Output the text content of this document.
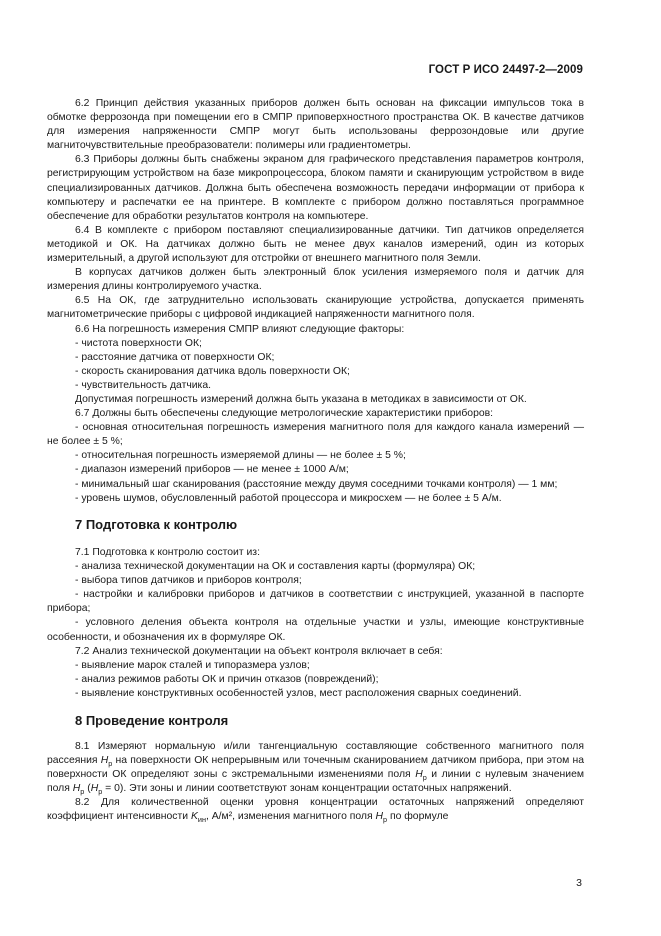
ГОСТ Р ИСО 24497-2—2009

6.2 Принцип действия указанных приборов должен быть основан на фиксации импульсов тока в обмотке феррозонда при помещении его в СМПР приповерхностного пространства ОК. В качестве датчиков для измерения напряженности СМПР могут быть использованы феррозондовые или другие магниточувствительные преобразователи: полимеры или градиентометры.

6.3 Приборы должны быть снабжены экраном для графического представления параметров контроля, регистрирующим устройством на базе микропроцессора, блоком памяти и сканирующим устройством в виде специализированных датчиков. Должна быть обеспечена возможность передачи информации от прибора к компьютеру и распечатки ее на принтере. В комплекте с прибором должно поставляться программное обеспечение для обработки результатов контроля на компьютере.

6.4 В комплекте с прибором поставляют специализированные датчики. Тип датчиков определяется методикой и ОК. На датчиках должно быть не менее двух каналов измерений, один из которых измерительный, а другой используют для отстройки от внешнего магнитного поля Земли.

В корпусах датчиков должен быть электронный блок усиления измеряемого поля и датчик для измерения длины контролируемого участка.

6.5 На ОК, где затруднительно использовать сканирующие устройства, допускается применять магнитометрические приборы с цифровой индикацией напряженности магнитного поля.

6.6 На погрешность измерения СМПР влияют следующие факторы:

- чистота поверхности ОК;

- расстояние датчика от поверхности ОК;

- скорость сканирования датчика вдоль поверхности ОК;

- чувствительность датчика.

Допустимая погрешность измерений должна быть указана в методиках в зависимости от ОК.

6.7 Должны быть обеспечены следующие метрологические характеристики приборов:

- основная относительная погрешность измерения магнитного поля для каждого канала измерений — не более ± 5 %;

- относительная погрешность измеряемой длины — не более ± 5 %;

- диапазон измерений приборов — не менее ± 1000 А/м;

- минимальный шаг сканирования (расстояние между двумя соседними точками контроля) — 1 мм;

- уровень шумов, обусловленный работой процессора и микросхем — не более ± 5 А/м.

7 Подготовка к контролю

7.1 Подготовка к контролю состоит из:

- анализа технической документации на ОК и составления карты (формуляра) ОК;

- выбора типов датчиков и приборов контроля;

- настройки и калибровки приборов и датчиков в соответствии с инструкцией, указанной в паспорте прибора;

- условного деления объекта контроля на отдельные участки и узлы, имеющие конструктивные особенности, и обозначения их в формуляре ОК.

7.2 Анализ технической документации на объект контроля включает в себя:

- выявление марок сталей и типоразмера узлов;

- анализ режимов работы ОК и причин отказов (повреждений);

- выявление конструктивных особенностей узлов, мест расположения сварных соединений.

8 Проведение контроля

8.1 Измеряют нормальную и/или тангенциальную составляющие собственного магнитного поля рассеяния $H_p$ на поверхности ОК непрерывным или точечным сканированием датчиком прибора, при этом на поверхности ОК определяют зоны с экстремальными изменениями поля $H_p$ и линии с нулевым значением поля $H_p$ $(H_p = 0)$. Эти зоны и линии соответствуют зонам концентрации остаточных напряжений.

8.2 Для количественной оценки уровня концентрации остаточных напряжений определяют коэффициент интенсивности $K_{ин}$, А/м², изменения магнитного поля $H_p$ по формуле

3
